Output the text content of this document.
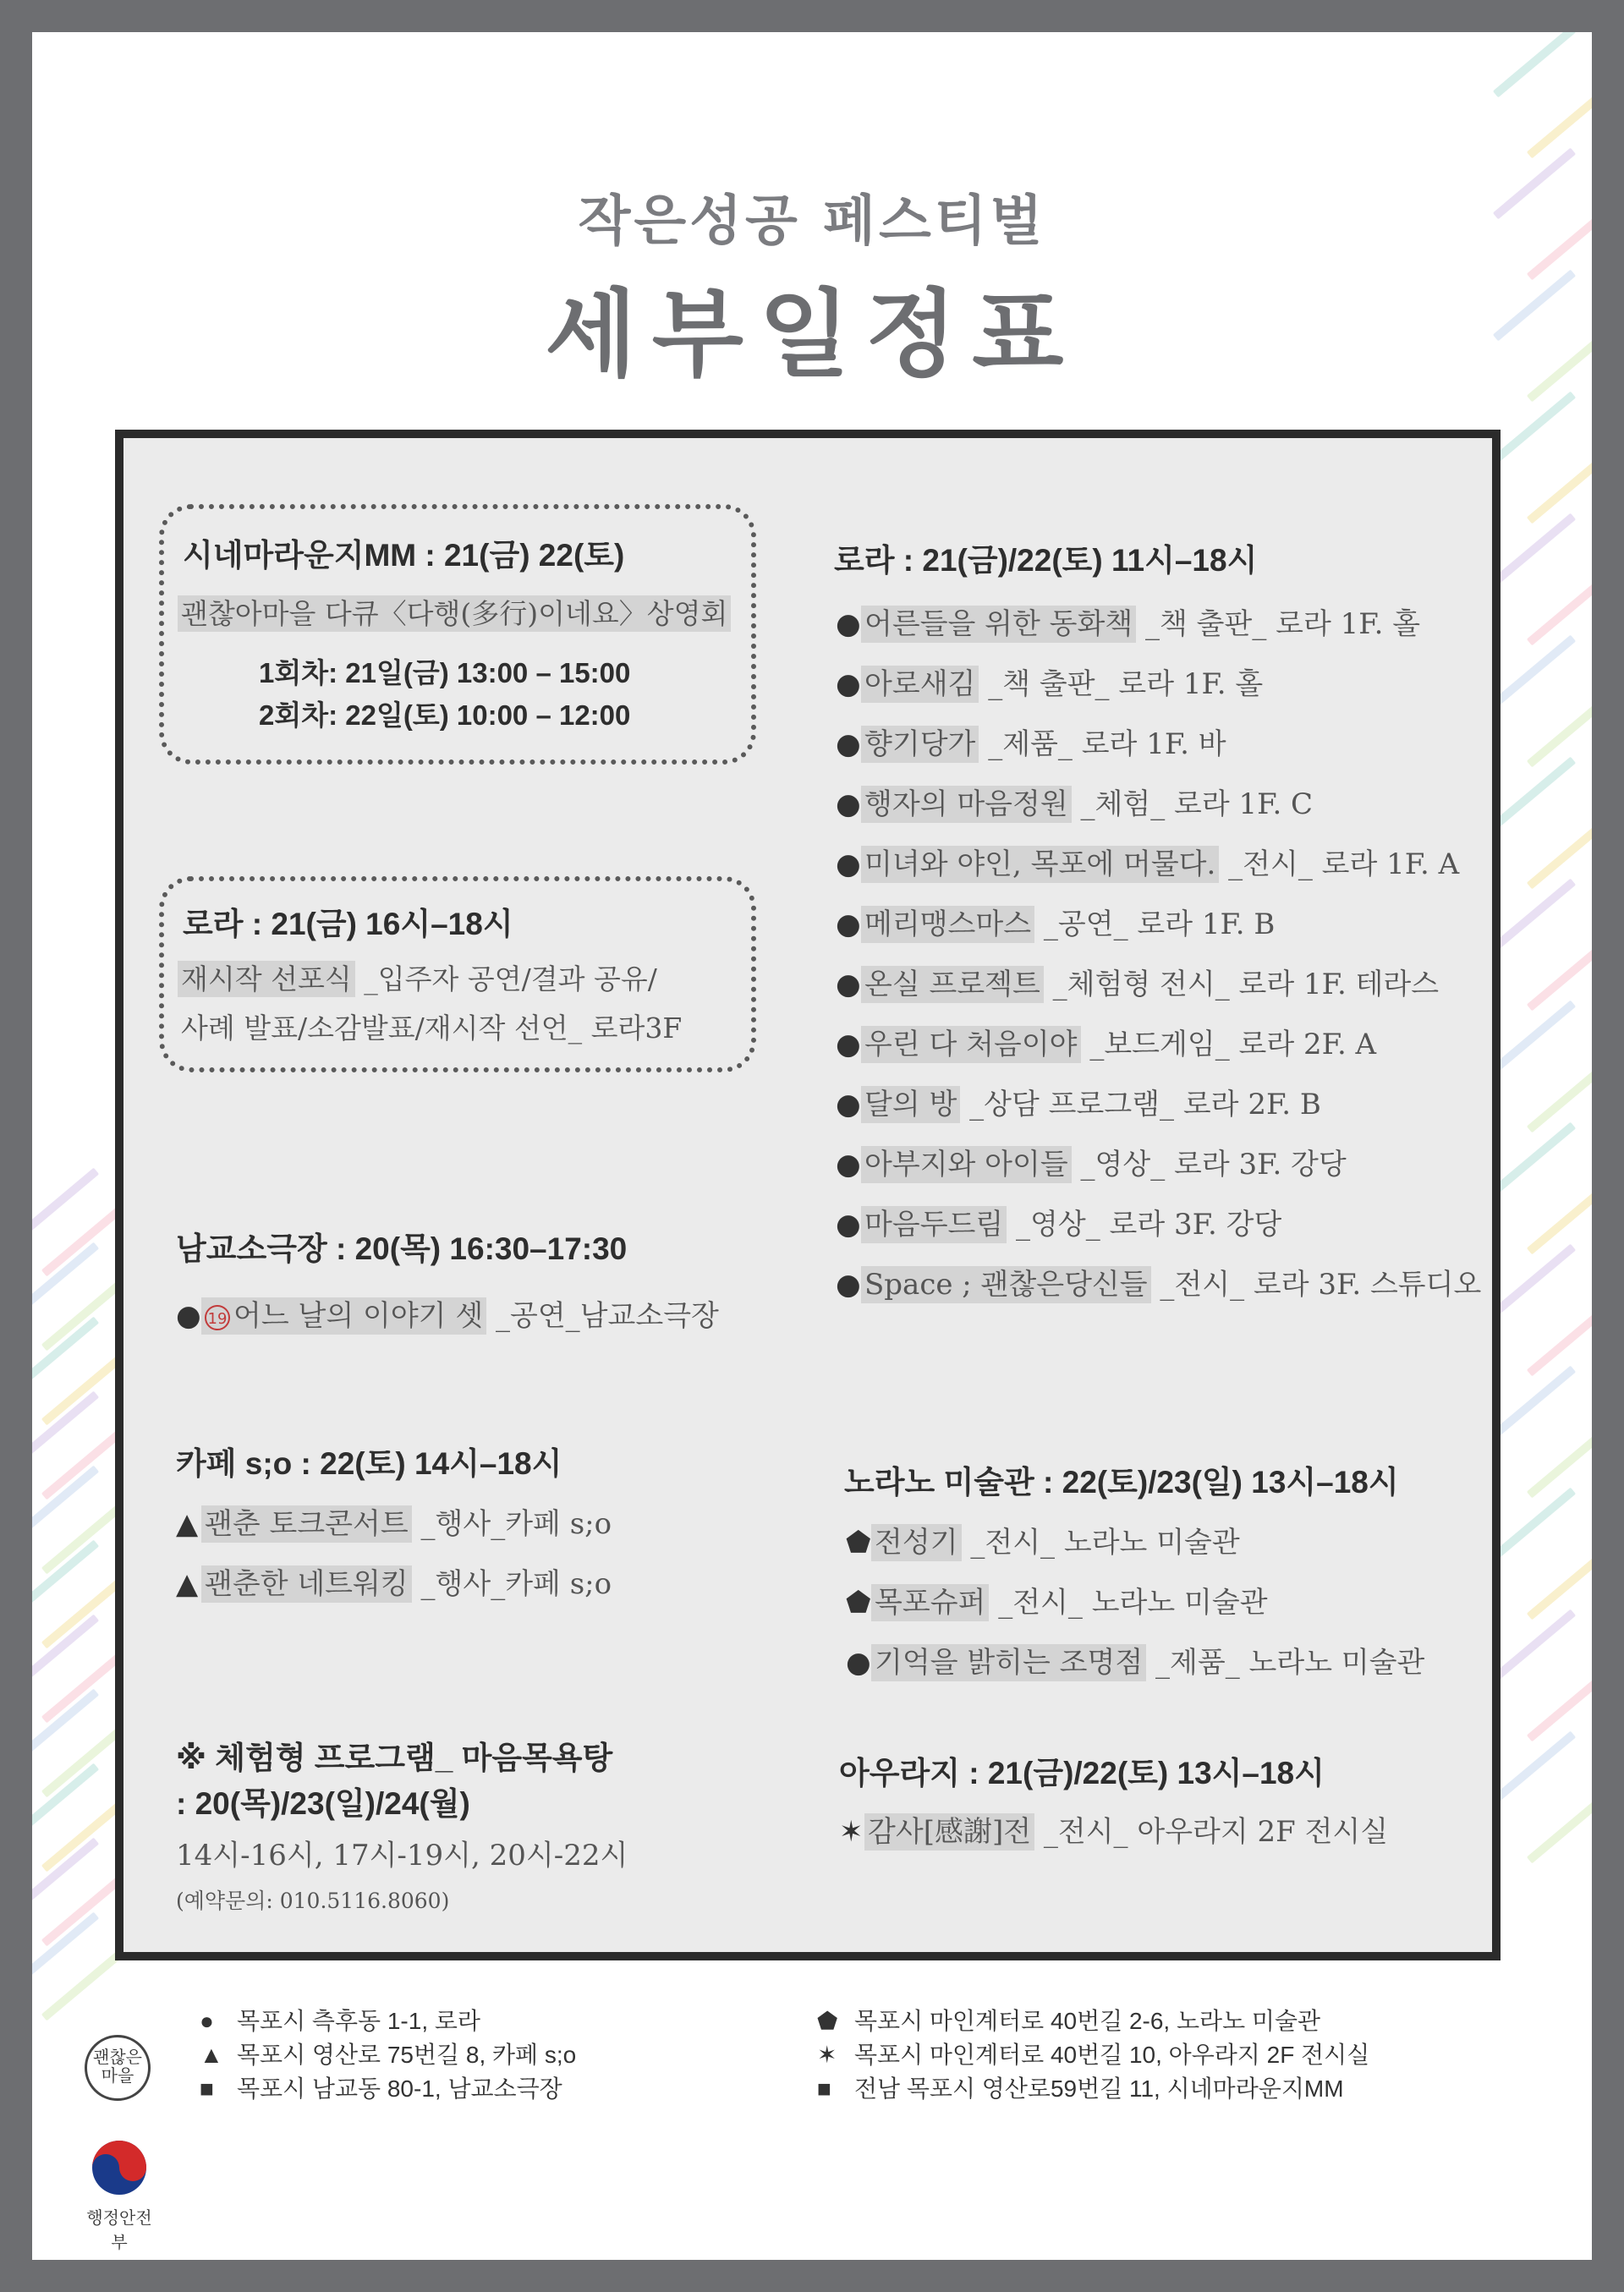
작은성공 페스티벌
세부일정표
시네마라운지MM : 21(금) 22(토)
괜찮아마을 다큐〈다행(多行)이네요〉상영회
1회차: 21일(금) 13:00 – 15:00
2회차: 22일(토) 10:00 – 12:00
로라 : 21(금) 16시–18시
재시작 선포식 _입주자 공연/결과 공유/
사례 발표/소감발표/재시작 선언_ 로라3F
남교소극장 : 20(목) 16:30–17:30
● 19 어느 날의 이야기 셋 _공연_남교소극장
카페 s;o : 22(토) 14시–18시
▲ 괜춘 토크콘서트 _행사_카페 s;o
▲ 괜춘한 네트워킹 _행사_카페 s;o
※ 체험형 프로그램_ 마음목욕탕
: 20(목)/23(일)/24(월)
14시-16시, 17시-19시, 20시-22시
(예약문의: 010.5116.8060)
로라 : 21(금)/22(토) 11시–18시
● 어른들을 위한 동화책 _책 출판_ 로라 1F. 홀
● 아로새김 _책 출판_ 로라 1F. 홀
● 향기당가 _제품_ 로라 1F. 바
● 행자의 마음정원 _체험_ 로라 1F. C
● 미녀와 야인, 목포에 머물다. _전시_ 로라 1F. A
● 메리맹스마스 _공연_ 로라 1F. B
● 온실 프로젝트 _체험형 전시_ 로라 1F. 테라스
● 우린 다 처음이야 _보드게임_ 로라 2F. A
● 달의 방 _상담 프로그램_ 로라 2F. B
● 아부지와 아이들 _영상_ 로라 3F. 강당
● 마음두드림 _영상_ 로라 3F. 강당
● Space ; 괜찮은당신들 _전시_ 로라 3F. 스튜디오
노라노 미술관 : 22(토)/23(일) 13시–18시
⬟ 전성기 _전시_ 노라노 미술관
⬟ 목포슈퍼 _전시_ 노라노 미술관
● 기억을 밝히는 조명점 _제품_ 노라노 미술관
아우라지 : 21(금)/22(토) 13시–18시
✶ 감사[感謝]전 _전시_ 아우라지 2F 전시실
● 목포시 측후동 1-1, 로라
▲ 목포시 영산로 75번길 8, 카페 s;o
■ 목포시 남교동 80-1, 남교소극장
⬟ 목포시 마인계터로 40번길 2-6, 노라노 미술관
✶ 목포시 마인계터로 40번길 10, 아우라지 2F 전시실
■ 전남 목포시 영산로59번길 11, 시네마라운지MM
괜찮은마을
행정안전부
